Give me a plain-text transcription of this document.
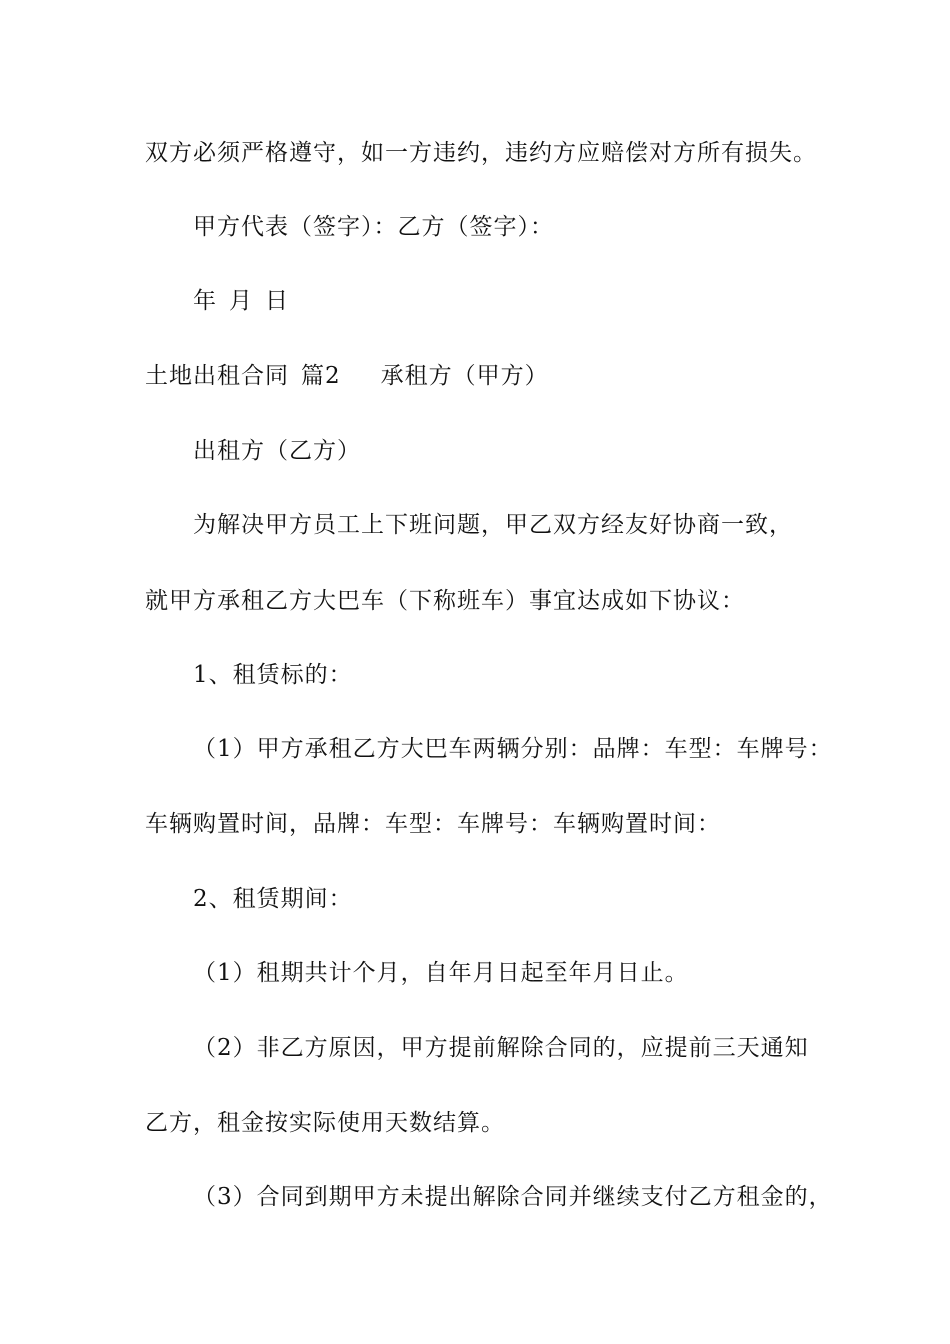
双方必须严格遵守，如一方违约，违约方应赔偿对方所有损失。
甲方代表（签字）：乙方（签字）：
年 月 日
土地出租合同 篇2 承租方（甲方）
出租方（乙方）
为解决甲方员工上下班问题，甲乙双方经友好协商一致，
就甲方承租乙方大巴车（下称班车）事宜达成如下协议：
1、租赁标的：
（1）甲方承租乙方大巴车两辆分别：品牌：车型：车牌号：
车辆购置时间，品牌：车型：车牌号：车辆购置时间：
2、租赁期间：
（1）租期共计个月，自年月日起至年月日止。
（2）非乙方原因，甲方提前解除合同的，应提前三天通知
乙方，租金按实际使用天数结算。
（3）合同到期甲方未提出解除合同并继续支付乙方租金的，
